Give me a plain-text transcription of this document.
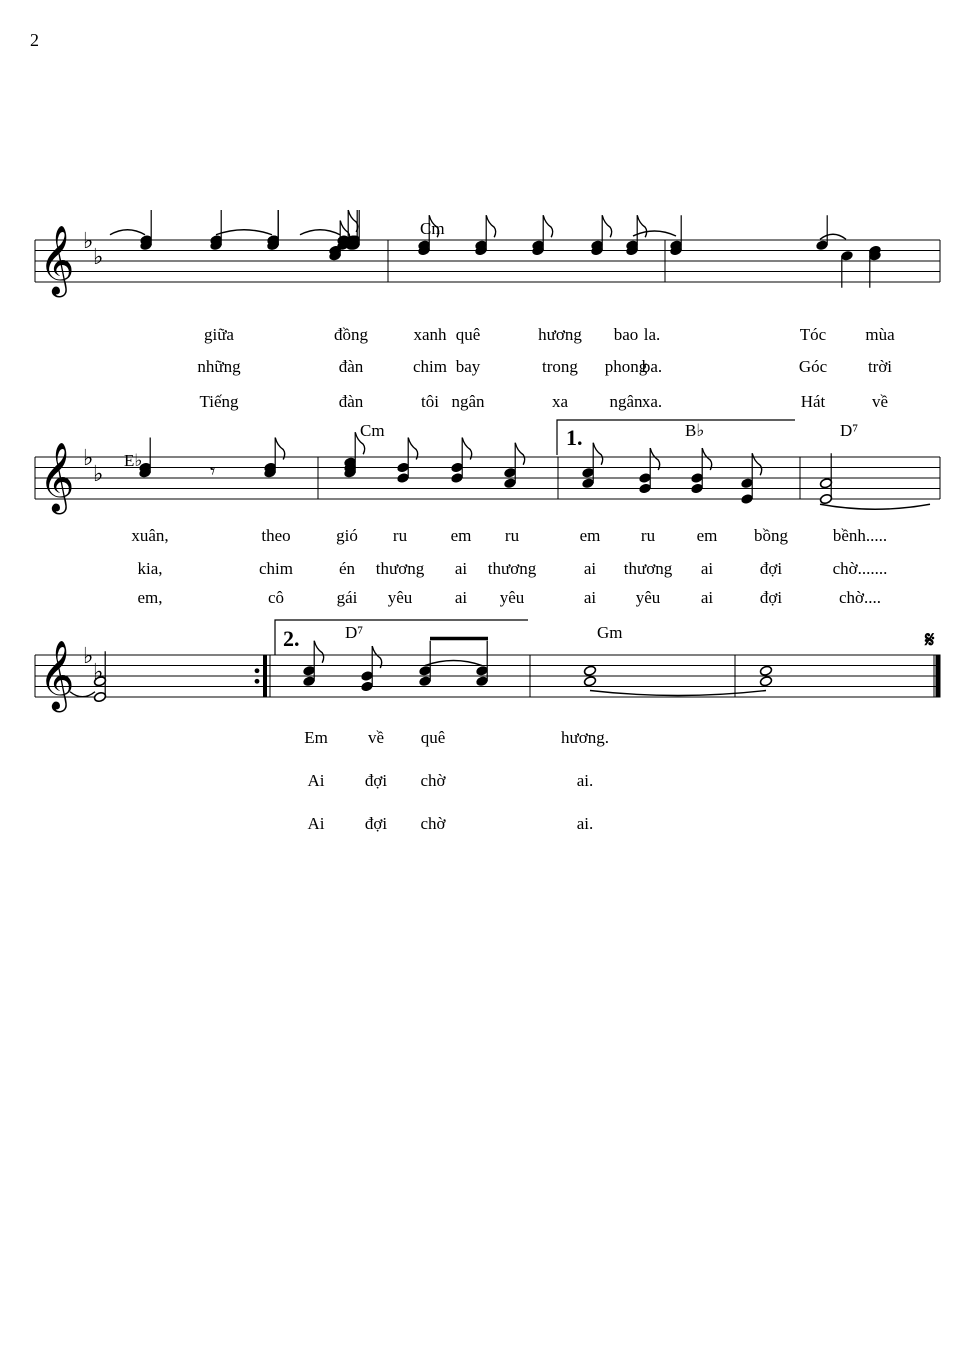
2
𝄞 ♭
♭
𝄞 ♭
♭
𝄞 ♭
♭
𝄾
Cm
giữa	đồng	xanh quê	hương bao la.	Tóc mùa
những	đàn	chim bay	trong phong
ba.	Góc trời
Tiếng	đàn	tôi ngân	xa ngân xa.	Hát	về
E♭
Cm	B♭	D⁷
1.
xuân,	theo	gió ru	em ru	em ru em bồng	bềnh.....
kia,	chim	én thương ai thương	ai thương ai	đợi	chờ.......
em,	cô	gái yêu	ai yêu	ai yêu ai	đợi	chờ....
D⁷	Gm
2.	𝄋
Em về quê	hương.
Ai đợi chờ	ai.
Ai đợi chờ	ai.
